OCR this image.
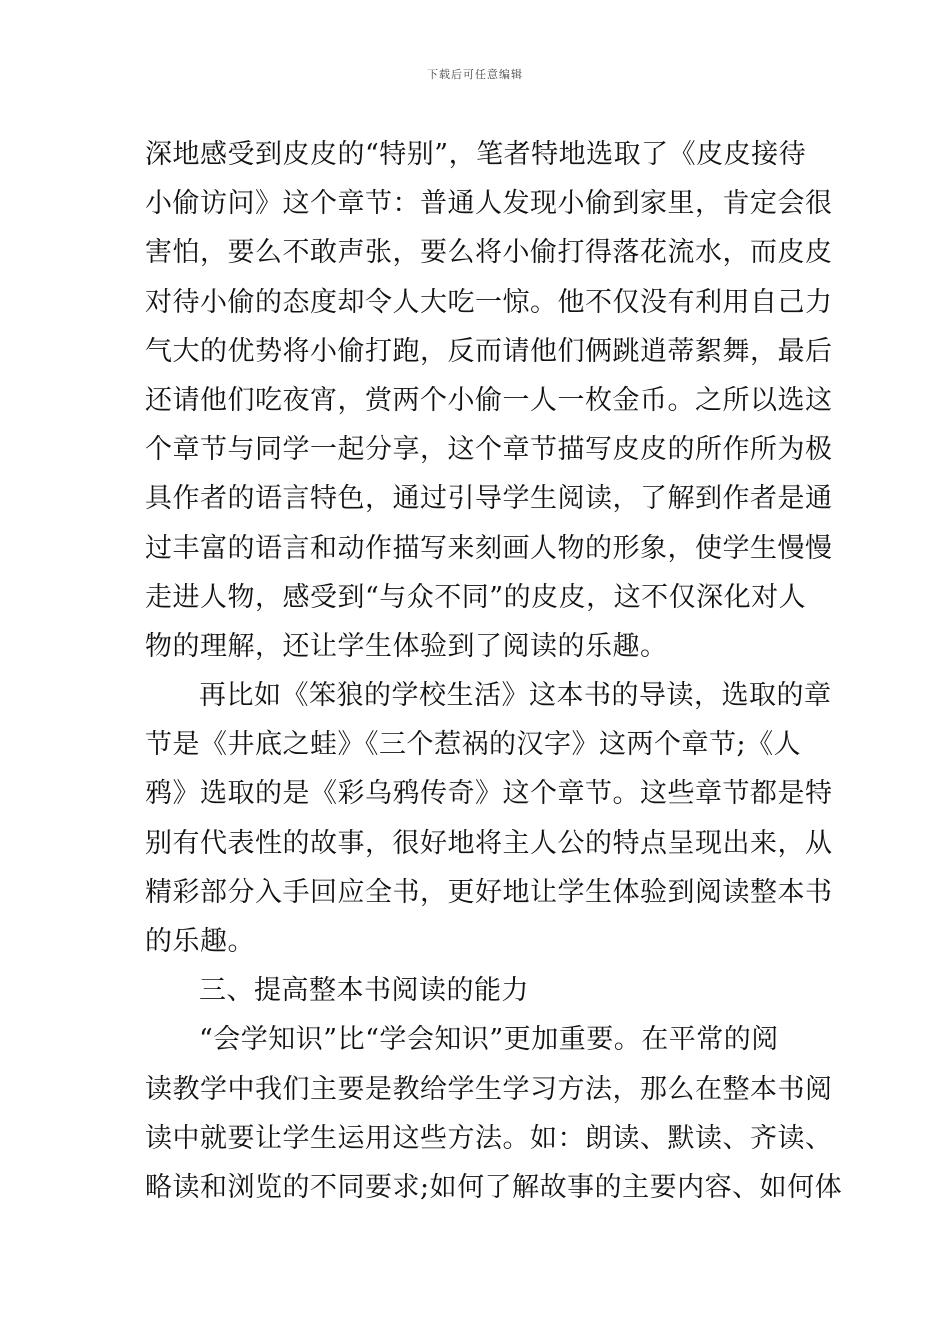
下载后可任意编辑
深地感受到皮皮的“特别”，笔者特地选取了《皮皮接待
小偷访问》这个章节：普通人发现小偷到家里，肯定会很
害怕，要么不敢声张，要么将小偷打得落花流水，而皮皮
对待小偷的态度却令人大吃一惊。他不仅没有利用自己力
气大的优势将小偷打跑，反而请他们俩跳逍蒂絮舞，最后
还请他们吃夜宵，赏两个小偷一人一枚金币。之所以选这
个章节与同学一起分享，这个章节描写皮皮的所作所为极
具作者的语言特色，通过引导学生阅读，了解到作者是通
过丰富的语言和动作描写来刻画人物的形象，使学生慢慢
走进人物，感受到“与众不同”的皮皮，这不仅深化对人
物的理解，还让学生体验到了阅读的乐趣。
再比如《笨狼的学校生活》这本书的导读，选取的章
节是《井底之蛙》《三个惹祸的汉字》这两个章节;《人
鸦》选取的是《彩乌鸦传奇》这个章节。这些章节都是特
别有代表性的故事，很好地将主人公的特点呈现出来，从
精彩部分入手回应全书，更好地让学生体验到阅读整本书
的乐趣。
三、提高整本书阅读的能力
“会学知识”比“学会知识”更加重要。在平常的阅
读教学中我们主要是教给学生学习方法，那么在整本书阅
读中就要让学生运用这些方法。如：朗读、默读、齐读、
略读和浏览的不同要求;如何了解故事的主要内容、如何体
